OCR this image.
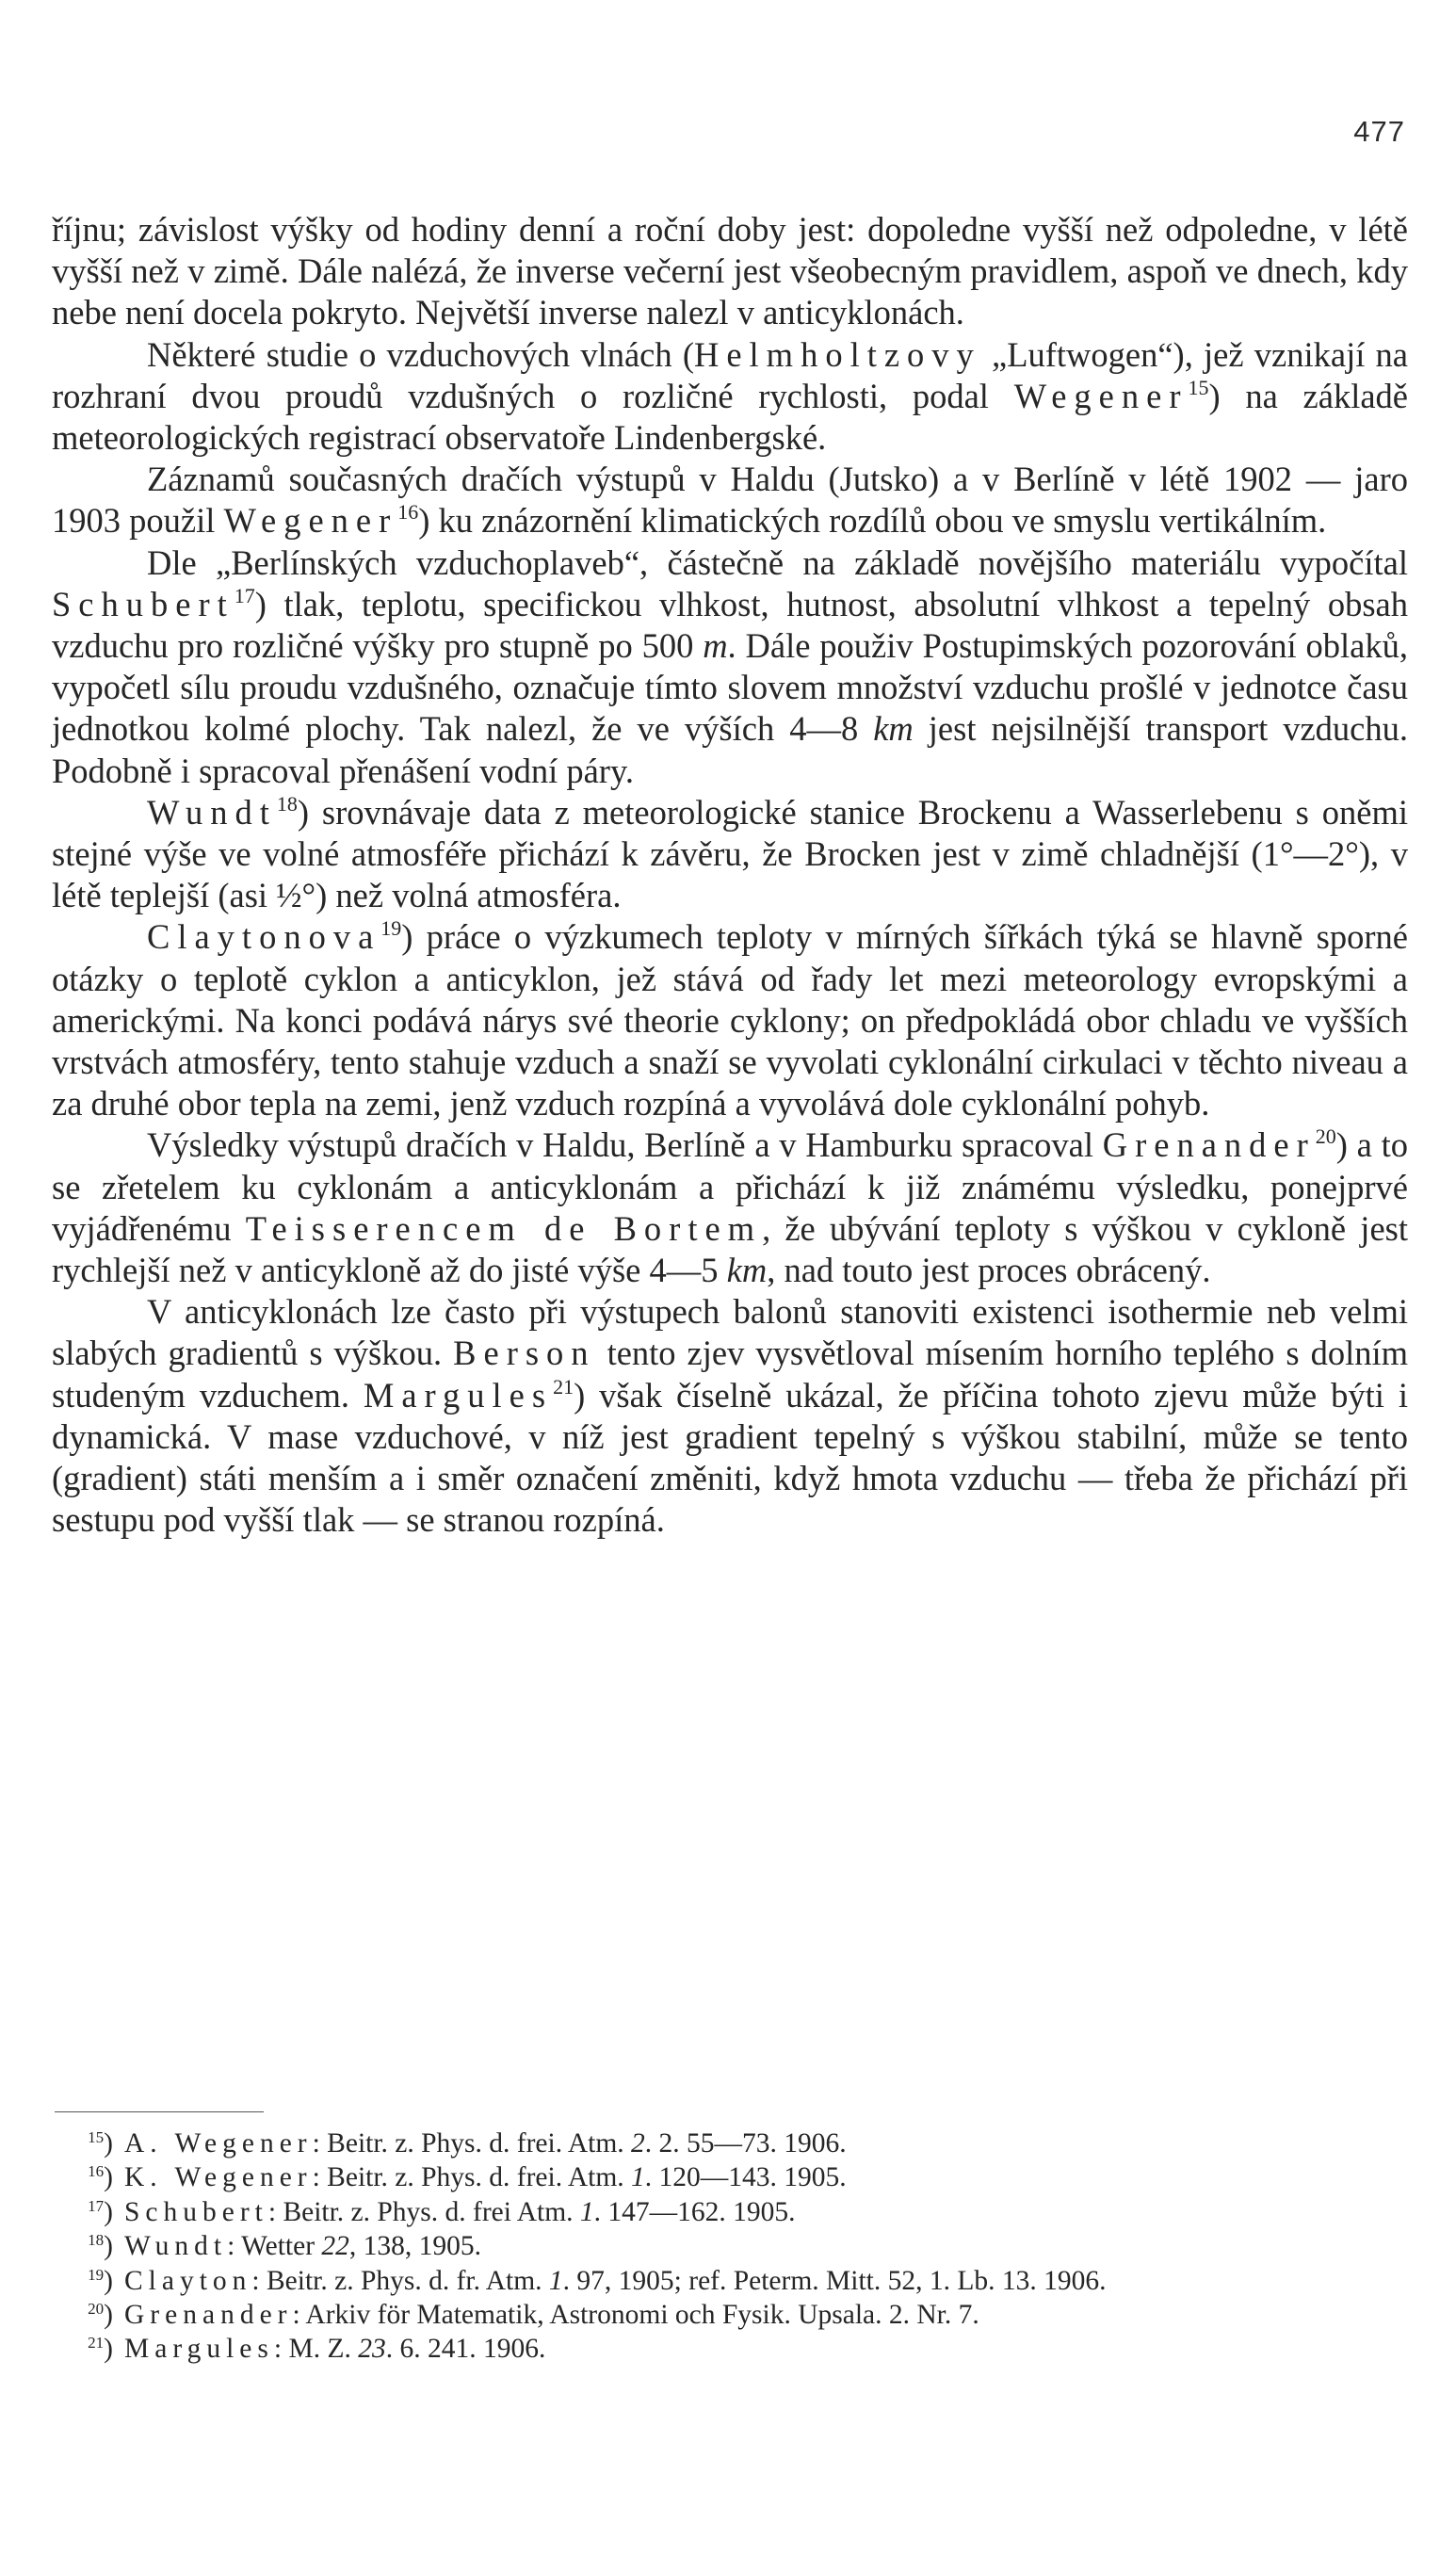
477

říjnu; závislost výšky od hodiny denní a roční doby jest: dopoledne vyšší než odpoledne, v létě vyšší než v zimě. Dále nalézá, že inverse večerní jest všeobecným pravidlem, aspoň ve dnech, kdy nebe není docela pokryto. Největší inverse nalezl v anticyklonách.

Některé studie o vzduchových vlnách (Helmholtzovy „Luftwogen“), jež vznikají na rozhraní dvou proudů vzdušných o rozličné rychlosti, podal Wegener$^{15}$) na základě meteorologických registrací observatoře Lindenbergské.

Záznamů současných dračích výstupů v Haldu (Jutsko) a v Berlíně v létě 1902 — jaro 1903 použil Wegener$^{16}$) ku znázornění klimatických rozdílů obou ve smyslu vertikálním.

Dle „Berlínských vzduchoplaveb“, částečně na základě novějšího materiálu vypočítal Schubert$^{17}$) tlak, teplotu, specifickou vlhkost, hutnost, absolutní vlhkost a tepelný obsah vzduchu pro rozličné výšky pro stupně po 500 m. Dále použiv Postupimských pozorování oblaků, vypočetl sílu proudu vzdušného, označuje tímto slovem množství vzduchu prošlé v jednotce času jednotkou kolmé plochy. Tak nalezl, že ve výších 4—8 km jest nejsilnější transport vzduchu. Podobně i spracoval přenášení vodní páry.

Wundt$^{18}$) srovnávaje data z meteorologické stanice Brockenu a Wasserlebenu s oněmi stejné výše ve volné atmosféře přichází k závěru, že Brocken jest v zimě chladnější (1°—2°), v létě teplejší (asi ½°) než volná atmosféra.

Claytonova$^{19}$) práce o výzkumech teploty v mírných šířkách týká se hlavně sporné otázky o teplotě cyklon a anticyklon, jež stává od řady let mezi meteorology evropskými a americkými. Na konci podává nárys své theorie cyklony; on předpokládá obor chladu ve vyšších vrstvách atmosféry, tento stahuje vzduch a snaží se vyvolati cyklonální cirkulaci v těchto niveau a za druhé obor tepla na zemi, jenž vzduch rozpíná a vyvolává dole cyklonální pohyb.

Výsledky výstupů dračích v Haldu, Berlíně a v Hamburku spracoval Grenander$^{20}$) a to se zřetelem ku cyklonám a anticyklonám a přichází k již známému výsledku, ponejprvé vyjádřenému Teisserencem de Bortem, že ubývání teploty s výškou v cykloně jest rychlejší než v anticykloně až do jisté výše 4—5 km, nad touto jest proces obrácený.

V anticyklonách lze často při výstupech balonů stanoviti existenci isothermie neb velmi slabých gradientů s výškou. Berson tento zjev vysvětloval mísením horního teplého s dolním studeným vzduchem. Margules$^{21}$) však číselně ukázal, že příčina tohoto zjevu může býti i dynamická. V mase vzduchové, v níž jest gradient tepelný s výškou stabilní, může se tento (gradient) státi menším a i směr označení změniti, když hmota vzduchu — třeba že přichází při sestupu pod vyšší tlak — se stranou rozpíná.

$^{15}$) A. Wegener: Beitr. z. Phys. d. frei. Atm. 2. 2. 55—73. 1906.
$^{16}$) K. Wegener: Beitr. z. Phys. d. frei. Atm. 1. 120—143. 1905.
$^{17}$) Schubert: Beitr. z. Phys. d. frei Atm. 1. 147—162. 1905.
$^{18}$) Wundt: Wetter 22, 138, 1905.
$^{19}$) Clayton: Beitr. z. Phys. d. fr. Atm. 1. 97, 1905; ref. Peterm. Mitt. 52, 1. Lb. 13. 1906.
$^{20}$) Grenander: Arkiv för Matematik, Astronomi och Fysik. Upsala. 2. Nr. 7.
$^{21}$) Margules: M. Z. 23. 6. 241. 1906.
